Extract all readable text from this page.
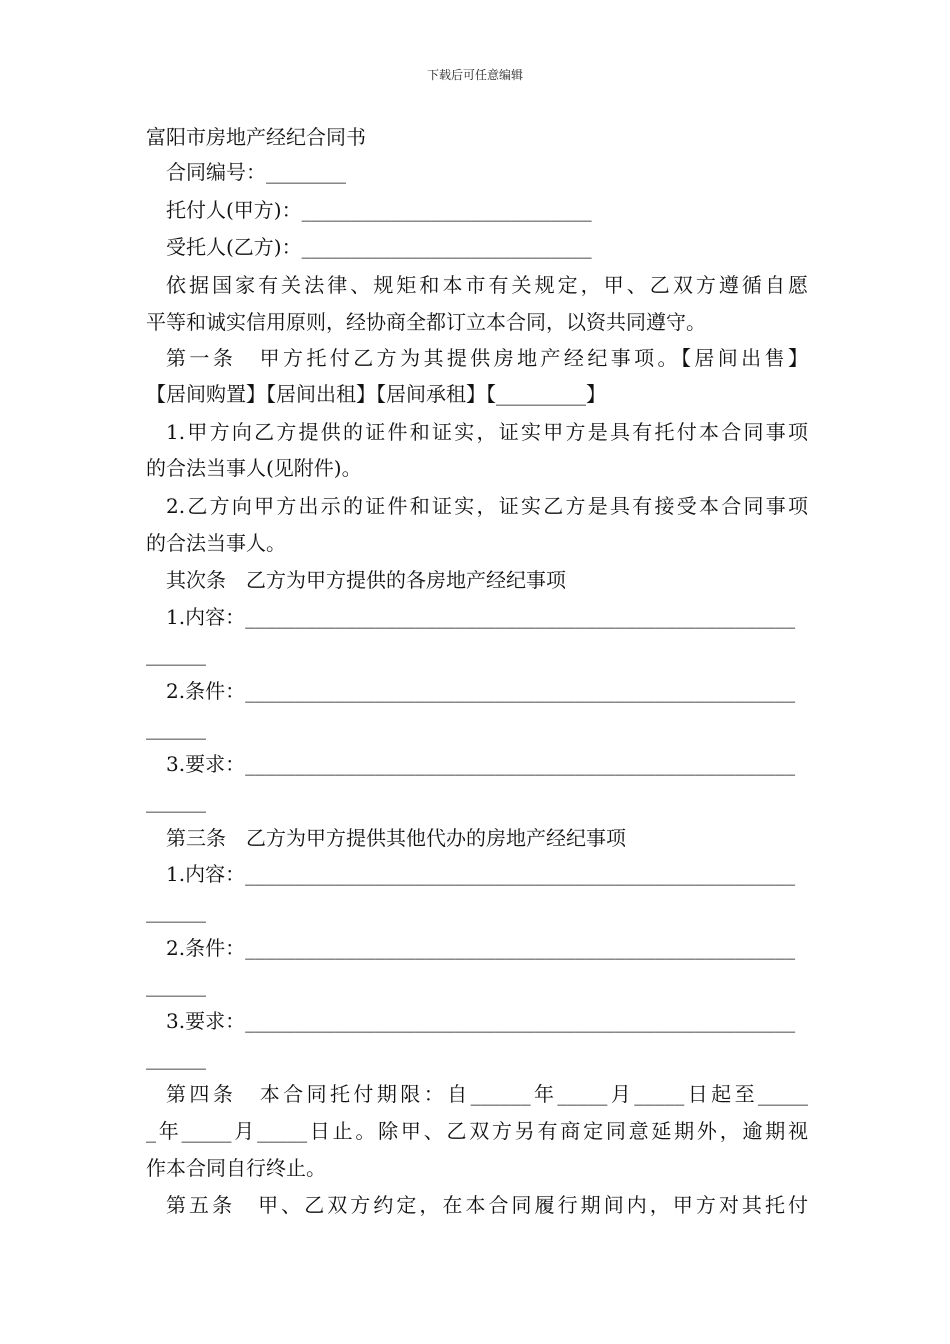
下载后可任意编辑
富阳市房地产经纪合同书
合同编号：________
托付人(甲方)：_____________________________
受托人(乙方)：_____________________________
依据国家有关法律、规矩和本市有关规定，甲、乙双方遵循自愿
平等和诚实信用原则，经协商全都订立本合同，以资共同遵守。
第一条　甲方托付乙方为其提供房地产经纪事项。【居间出售】
【居间购置】【居间出租】【居间承租】【_________】
1.甲方向乙方提供的证件和证实，证实甲方是具有托付本合同事项
的合法当事人(见附件)。
2.乙方向甲方出示的证件和证实，证实乙方是具有接受本合同事项
的合法当事人。
其次条　乙方为甲方提供的各房地产经纪事项
1.内容：_______________________________________________________
______
2.条件：_______________________________________________________
______
3.要求：_______________________________________________________
______
第三条　乙方为甲方提供其他代办的房地产经纪事项
1.内容：_______________________________________________________
______
2.条件：_______________________________________________________
______
3.要求：_______________________________________________________
______
第四条　本合同托付期限：自______年_____月_____日起至_____
_年_____月_____日止。除甲、乙双方另有商定同意延期外，逾期视
作本合同自行终止。
第五条　甲、乙双方约定，在本合同履行期间内，甲方对其托付
